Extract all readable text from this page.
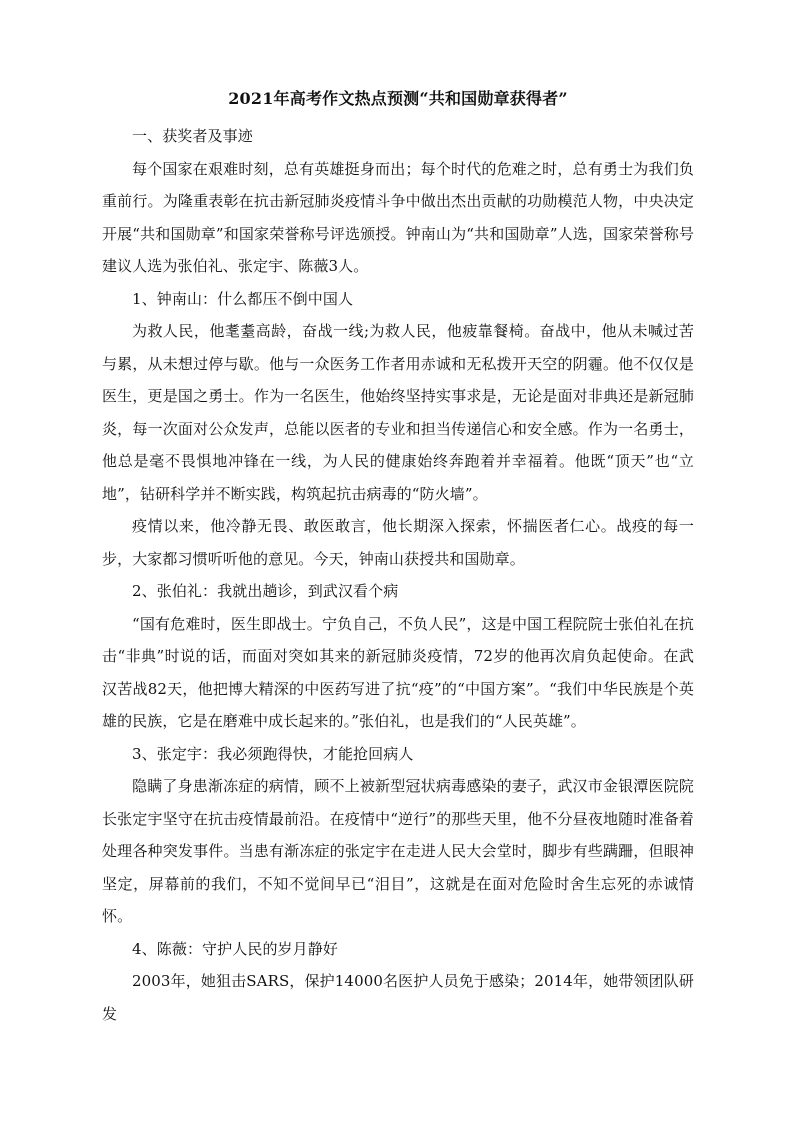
2021年高考作文热点预测“共和国勋章获得者”
一、获奖者及事迹
每个国家在艰难时刻，总有英雄挺身而出；每个时代的危难之时，总有勇士为我们负重前行。为隆重表彰在抗击新冠肺炎疫情斗争中做出杰出贡献的功勋模范人物，中央决定开展“共和国勋章”和国家荣誉称号评选颁授。钟南山为“共和国勋章”人选，国家荣誉称号建议人选为张伯礼、张定宇、陈薇3人。
1、钟南山：什么都压不倒中国人
为救人民，他耄耋高龄，奋战一线;为救人民，他疲靠餐椅。奋战中，他从未喊过苦与累，从未想过停与歇。他与一众医务工作者用赤诚和无私拨开天空的阴霾。他不仅仅是医生，更是国之勇士。作为一名医生，他始终坚持实事求是，无论是面对非典还是新冠肺炎，每一次面对公众发声，总能以医者的专业和担当传递信心和安全感。作为一名勇士，他总是毫不畏惧地冲锋在一线，为人民的健康始终奔跑着并幸福着。他既“顶天”也“立地”，钻研科学并不断实践，构筑起抗击病毒的“防火墙”。
疫情以来，他冷静无畏、敢医敢言，他长期深入探索，怀揣医者仁心。战疫的每一步，大家都习惯听听他的意见。今天，钟南山获授共和国勋章。
2、张伯礼：我就出趟诊，到武汉看个病
“国有危难时，医生即战士。宁负自己，不负人民”，这是中国工程院院士张伯礼在抗击“非典”时说的话，而面对突如其来的新冠肺炎疫情，72岁的他再次肩负起使命。在武汉苦战82天，他把博大精深的中医药写进了抗“疫”的“中国方案”。“我们中华民族是个英雄的民族，它是在磨难中成长起来的。”张伯礼，也是我们的“人民英雄”。
3、张定宇：我必须跑得快，才能抢回病人
隐瞒了身患渐冻症的病情，顾不上被新型冠状病毒感染的妻子，武汉市金银潭医院院长张定宇坚守在抗击疫情最前沿。在疫情中“逆行”的那些天里，他不分昼夜地随时准备着处理各种突发事件。当患有渐冻症的张定宇在走进人民大会堂时，脚步有些蹒跚，但眼神坚定，屏幕前的我们，不知不觉间早已“泪目”，这就是在面对危险时舍生忘死的赤诚情怀。
4、陈薇：守护人民的岁月静好
2003年，她狙击SARS，保护14000名医护人员免于感染；2014年，她带领团队研发
